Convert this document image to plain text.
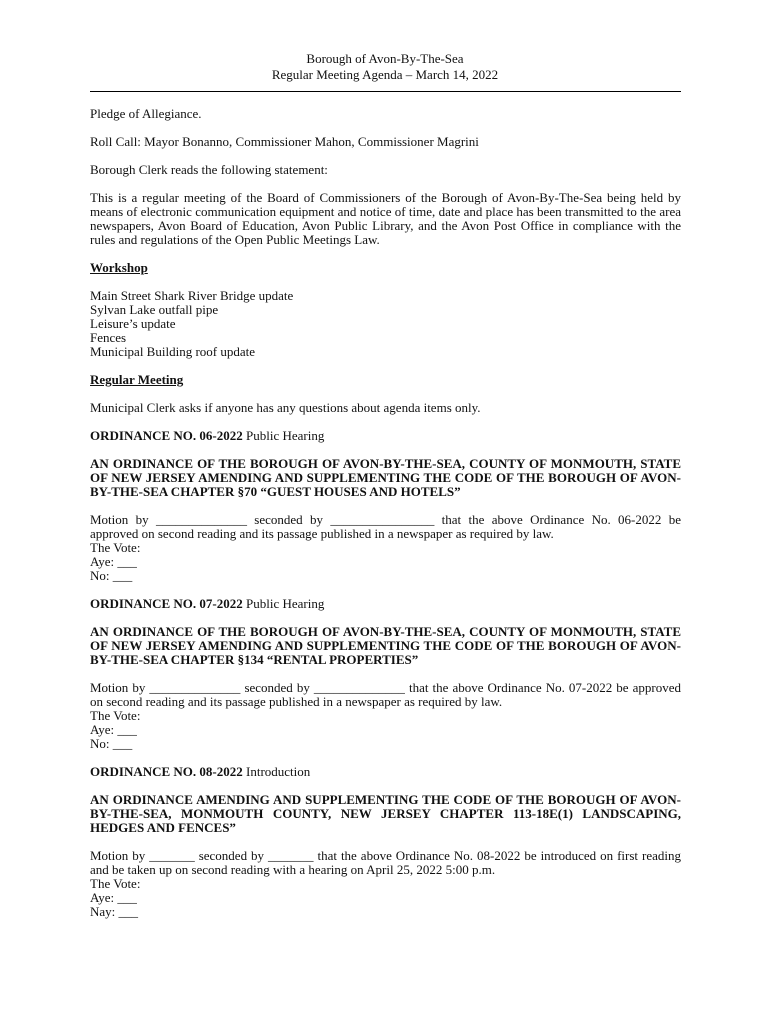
Borough of Avon-By-The-Sea
Regular Meeting Agenda – March 14, 2022

Pledge of Allegiance.

Roll Call: Mayor Bonanno, Commissioner Mahon, Commissioner Magrini

Borough Clerk reads the following statement:

This is a regular meeting of the Board of Commissioners of the Borough of Avon-By-The-Sea being held by means of electronic communication equipment and notice of time, date and place has been transmitted to the area newspapers, Avon Board of Education, Avon Public Library, and the Avon Post Office in compliance with the rules and regulations of the Open Public Meetings Law.

Workshop

Main Street Shark River Bridge update
Sylvan Lake outfall pipe
Leisure’s update
Fences
Municipal Building roof update

Regular Meeting

Municipal Clerk asks if anyone has any questions about agenda items only.

ORDINANCE NO. 06-2022 Public Hearing

AN ORDINANCE OF THE BOROUGH OF AVON-BY-THE-SEA, COUNTY OF MONMOUTH, STATE OF NEW JERSEY AMENDING AND SUPPLEMENTING THE CODE OF THE BOROUGH OF AVON-BY-THE-SEA CHAPTER §70 “GUEST HOUSES AND HOTELS”

Motion by ______________ seconded by ________________ that the above Ordinance No. 06-2022 be approved on second reading and its passage published in a newspaper as required by law.
The Vote:
Aye: ___
No: ___

ORDINANCE NO. 07-2022 Public Hearing

AN ORDINANCE OF THE BOROUGH OF AVON-BY-THE-SEA, COUNTY OF MONMOUTH, STATE OF NEW JERSEY AMENDING AND SUPPLEMENTING THE CODE OF THE BOROUGH OF AVON-BY-THE-SEA CHAPTER §134 “RENTAL PROPERTIES”

Motion by ______________ seconded by ______________ that the above Ordinance No. 07-2022 be approved on second reading and its passage published in a newspaper as required by law.
The Vote:
Aye: ___
No: ___

ORDINANCE NO. 08-2022 Introduction

AN ORDINANCE AMENDING AND SUPPLEMENTING THE CODE OF THE BOROUGH OF AVON-BY-THE-SEA, MONMOUTH COUNTY, NEW JERSEY CHAPTER 113-18E(1) LANDSCAPING, HEDGES AND FENCES”

Motion by _______ seconded by _______ that the above Ordinance No. 08-2022 be introduced on first reading and be taken up on second reading with a hearing on April 25, 2022 5:00 p.m.
The Vote:
Aye: ___
Nay: ___
